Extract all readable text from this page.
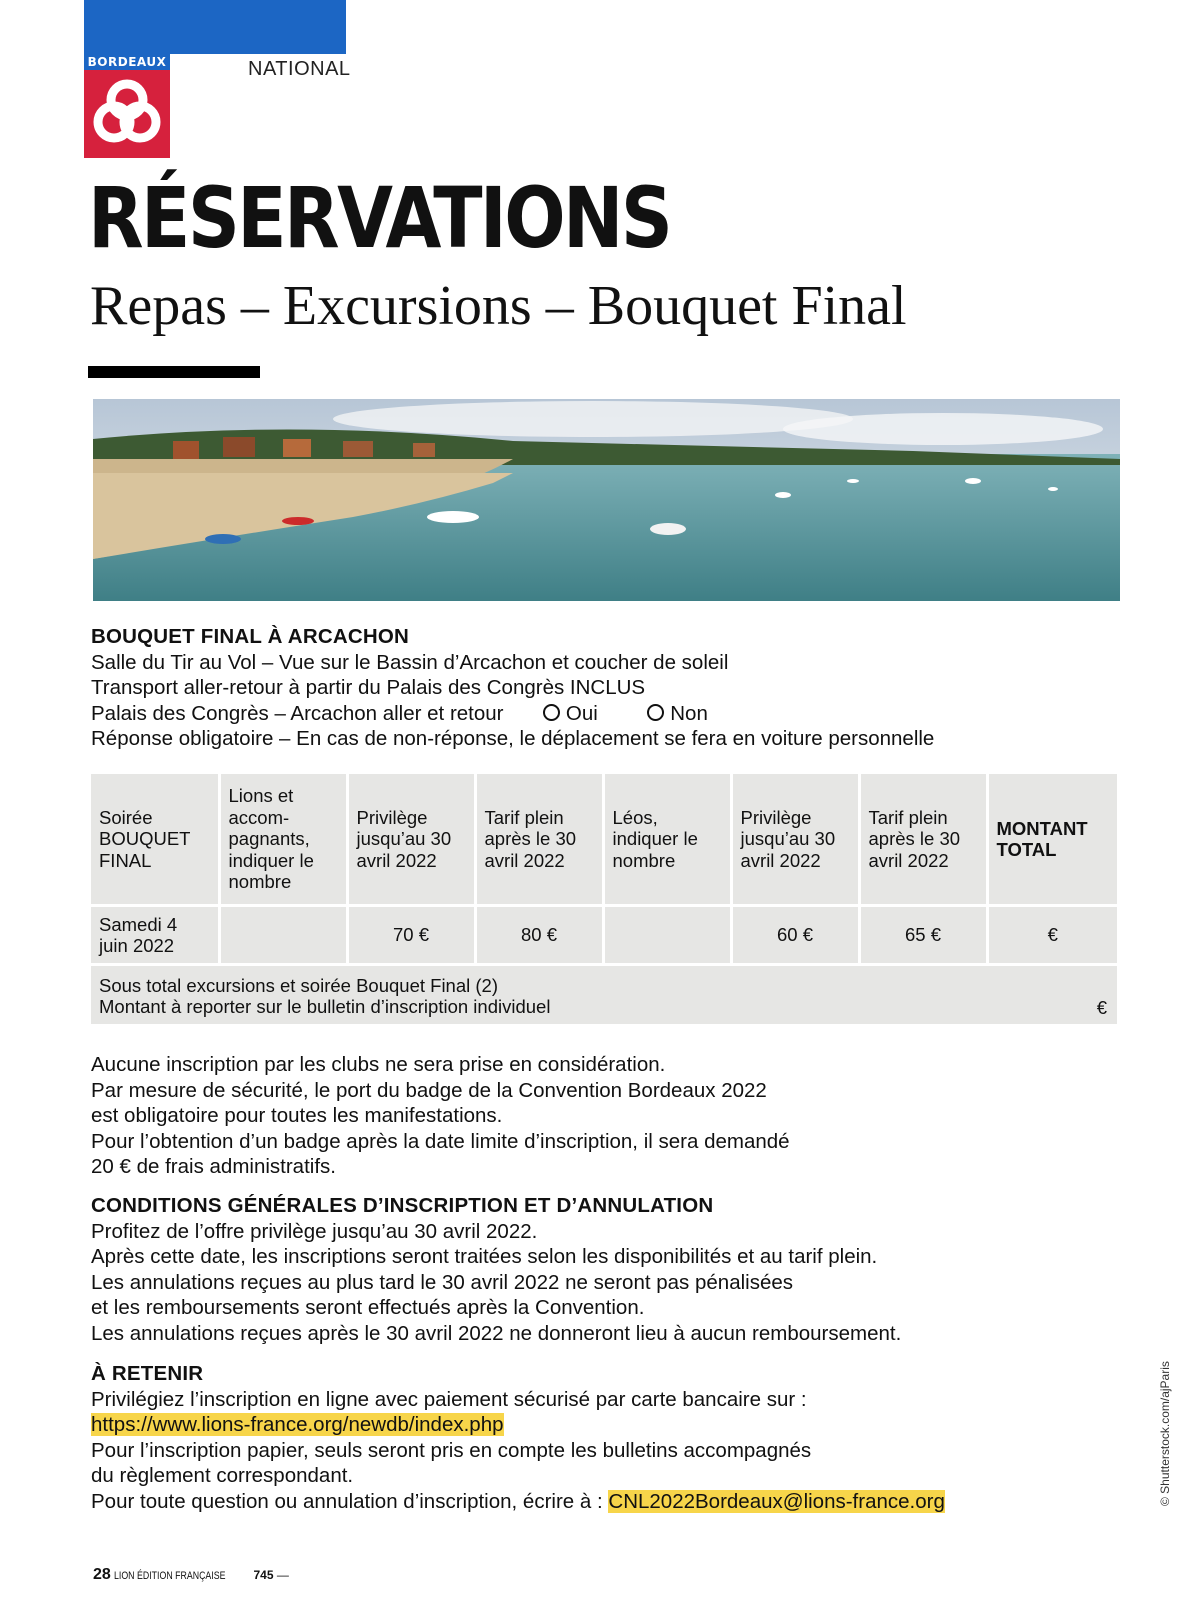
BORDEAUX	NATIONAL
RÉSERVATIONS
Repas – Excursions – Bouquet Final
BOUQUET FINAL À ARCACHON
Salle du Tir au Vol – Vue sur le Bassin d’Arcachon et coucher de soleil
Transport aller-retour à partir du Palais des Congrès INCLUS
Palais des Congrès – Arcachon aller et retour	Oui	Non
Réponse obligatoire – En cas de non-réponse, le déplacement se fera en voiture personnelle
Soirée BOUQUET FINAL	Lions et accom-pagnants, indiquer le nombre	Privilège jusqu’au 30 avril 2022	Tarif plein après le 30 avril 2022	Léos, indiquer le nombre	Privilège jusqu’au 30 avril 2022	Tarif plein après le 30 avril 2022	MONTANT TOTAL
Samedi 4 juin 2022		70 €	80 €		60 €	65 €	€

Sous total excursions et soirée Bouquet Final (2)
Montant à reporter sur le bulletin d’inscription individuel €							
Aucune inscription par les clubs ne sera prise en considération.
Par mesure de sécurité, le port du badge de la Convention Bordeaux 2022
est obligatoire pour toutes les manifestations.
Pour l’obtention d’un badge après la date limite d’inscription, il sera demandé
20 € de frais administratifs.
CONDITIONS GÉNÉRALES D’INSCRIPTION ET D’ANNULATION
Profitez de l’offre privilège jusqu’au 30 avril 2022.
Après cette date, les inscriptions seront traitées selon les disponibilités et au tarif plein.
Les annulations reçues au plus tard le 30 avril 2022 ne seront pas pénalisées
et les remboursements seront effectués après la Convention.
Les annulations reçues après le 30 avril 2022 ne donneront lieu à aucun remboursement.
À RETENIR
Privilégiez l’inscription en ligne avec paiement sécurisé par carte bancaire sur :
https://www.lions-france.org/newdb/index.php
Pour l’inscription papier, seuls seront pris en compte les bulletins accompagnés
du règlement correspondant.
Pour toute question ou annulation d’inscription, écrire à : CNL2022Bordeaux@lions-france.org	© Shutterstock.com/ajParis
28 LION ÉDITION FRANÇAISE 745 —
